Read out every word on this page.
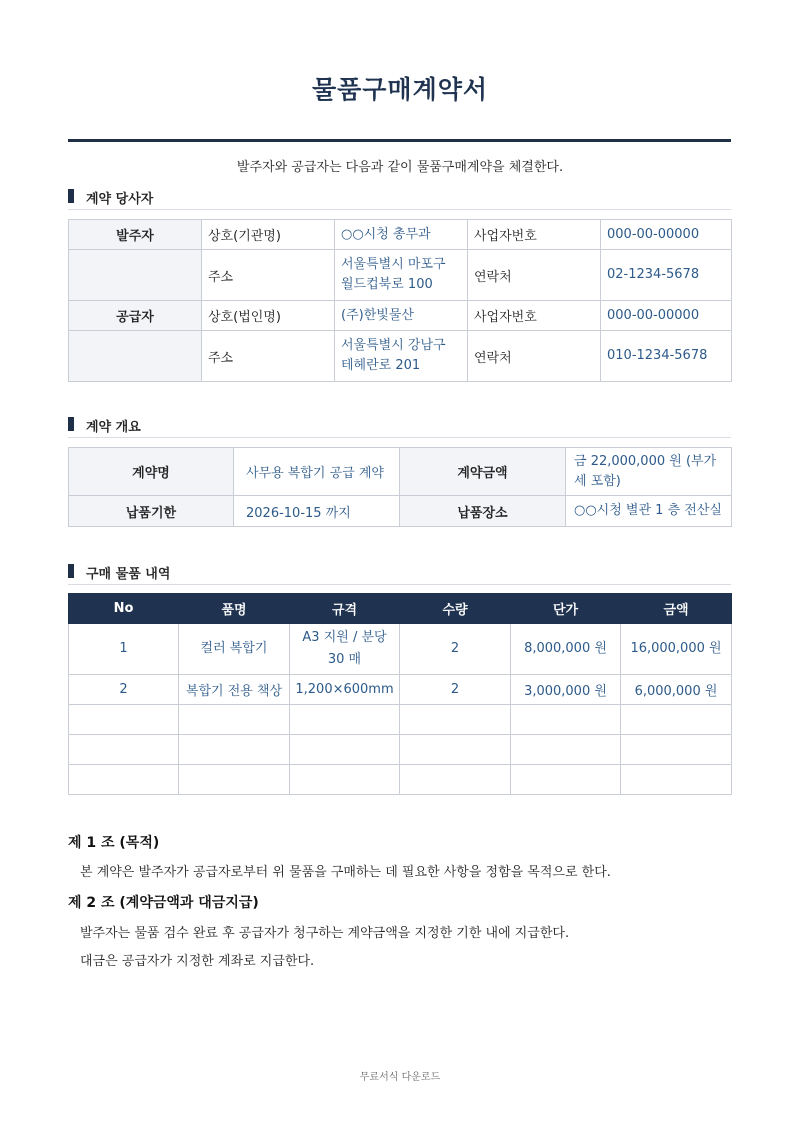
물품구매계약서
발주자와 공급자는 다음과 같이 물품구매계약을 체결한다.
계약 당사자
발주자	상호(기관명)	○○시청 총무과	사업자번호	000-00-00000
	주소	서울특별시 마포구 월드컵북로 100	연락처	02-1234-5678
공급자	상호(법인명)	(주)한빛물산	사업자번호	000-00-00000
	주소	서울특별시 강남구 테헤란로 201	연락처	010-1234-5678
계약 개요
계약명	사무용 복합기 공급 계약	계약금액	금 22,000,000 원 (부가세 포함)
납품기한	2026-10-15 까지	납품장소	○○시청 별관 1 층 전산실
구매 물품 내역
No	품명	규격	수량	단가	금액
1	컬러 복합기	A3 지원 / 분당 30 매	2	8,000,000 원	16,000,000 원
2	복합기 전용 책상	1,200×600mm	2	3,000,000 원	6,000,000 원

제 1 조 (목적)
본 계약은 발주자가 공급자로부터 위 물품을 구매하는 데 필요한 사항을 정함을 목적으로 한다.
제 2 조 (계약금액과 대금지급)
발주자는 물품 검수 완료 후 공급자가 청구하는 계약금액을 지정한 기한 내에 지급한다.
대금은 공급자가 지정한 계좌로 지급한다.
무료서식 다운로드
